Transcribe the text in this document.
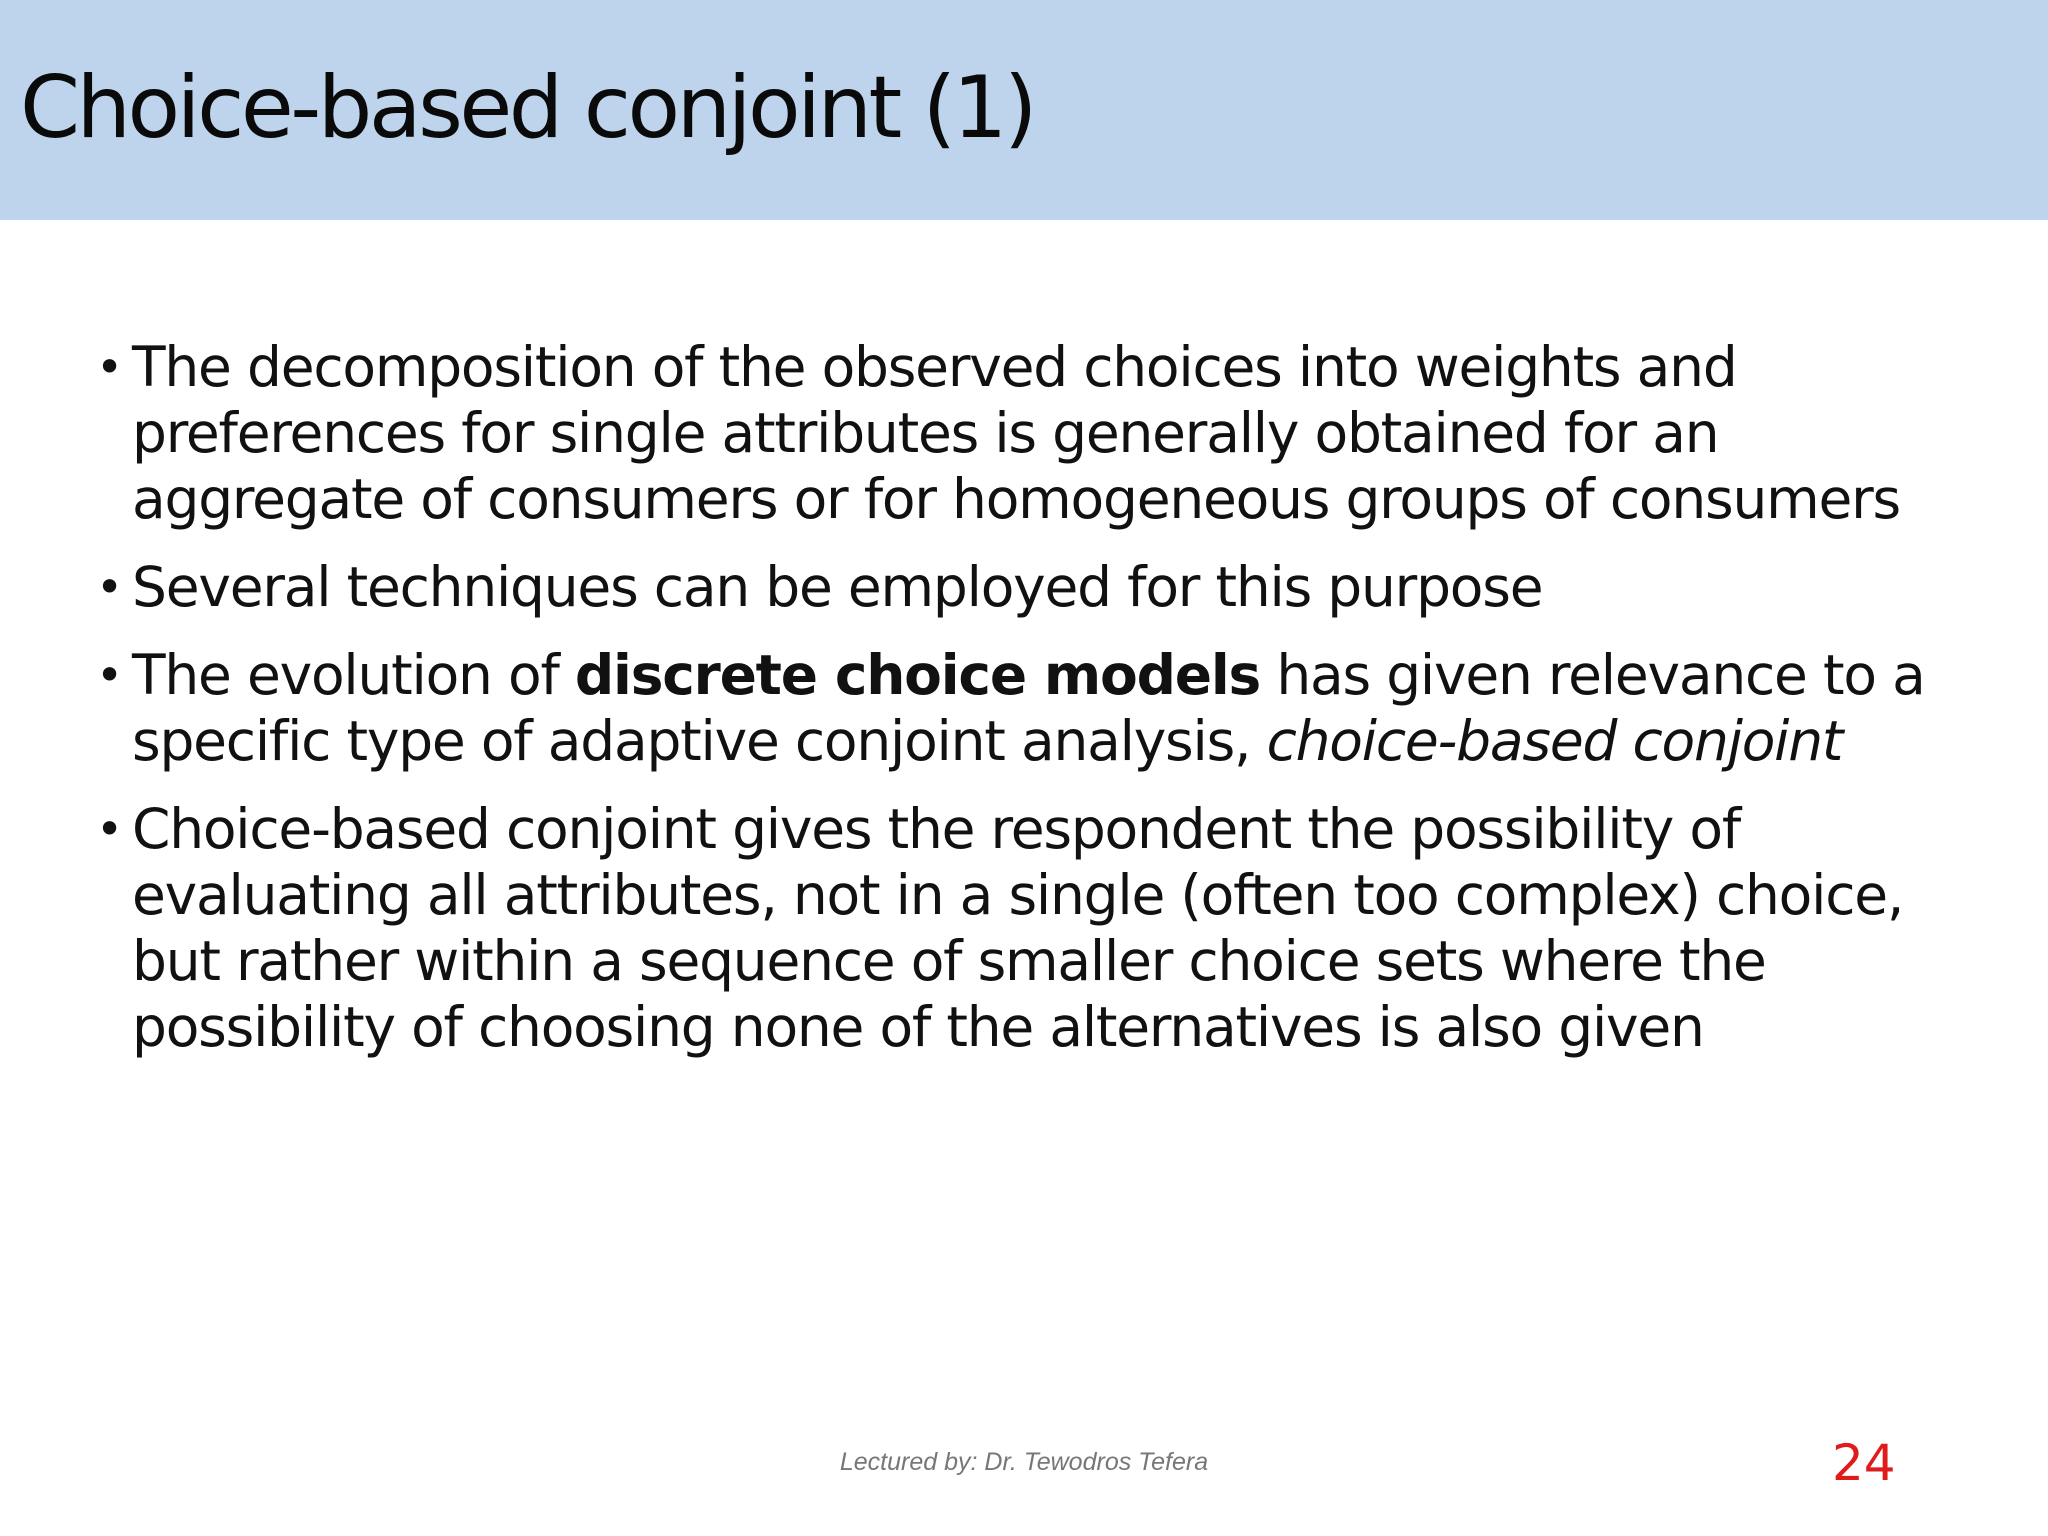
Choice-based conjoint (1)
• The decomposition of the observed choices into weights and
preferences for single attributes is generally obtained for an
aggregate of consumers or for homogeneous groups of consumers
• Several techniques can be employed for this purpose
• The evolution of discrete choice models has given relevance to a
specific type of adaptive conjoint analysis, choice-based conjoint
• Choice-based conjoint gives the respondent the possibility of
evaluating all attributes, not in a single (often too complex) choice,
but rather within a sequence of smaller choice sets where the
possibility of choosing none of the alternatives is also given
Lectured by: Dr. Tewodros Tefera	24
